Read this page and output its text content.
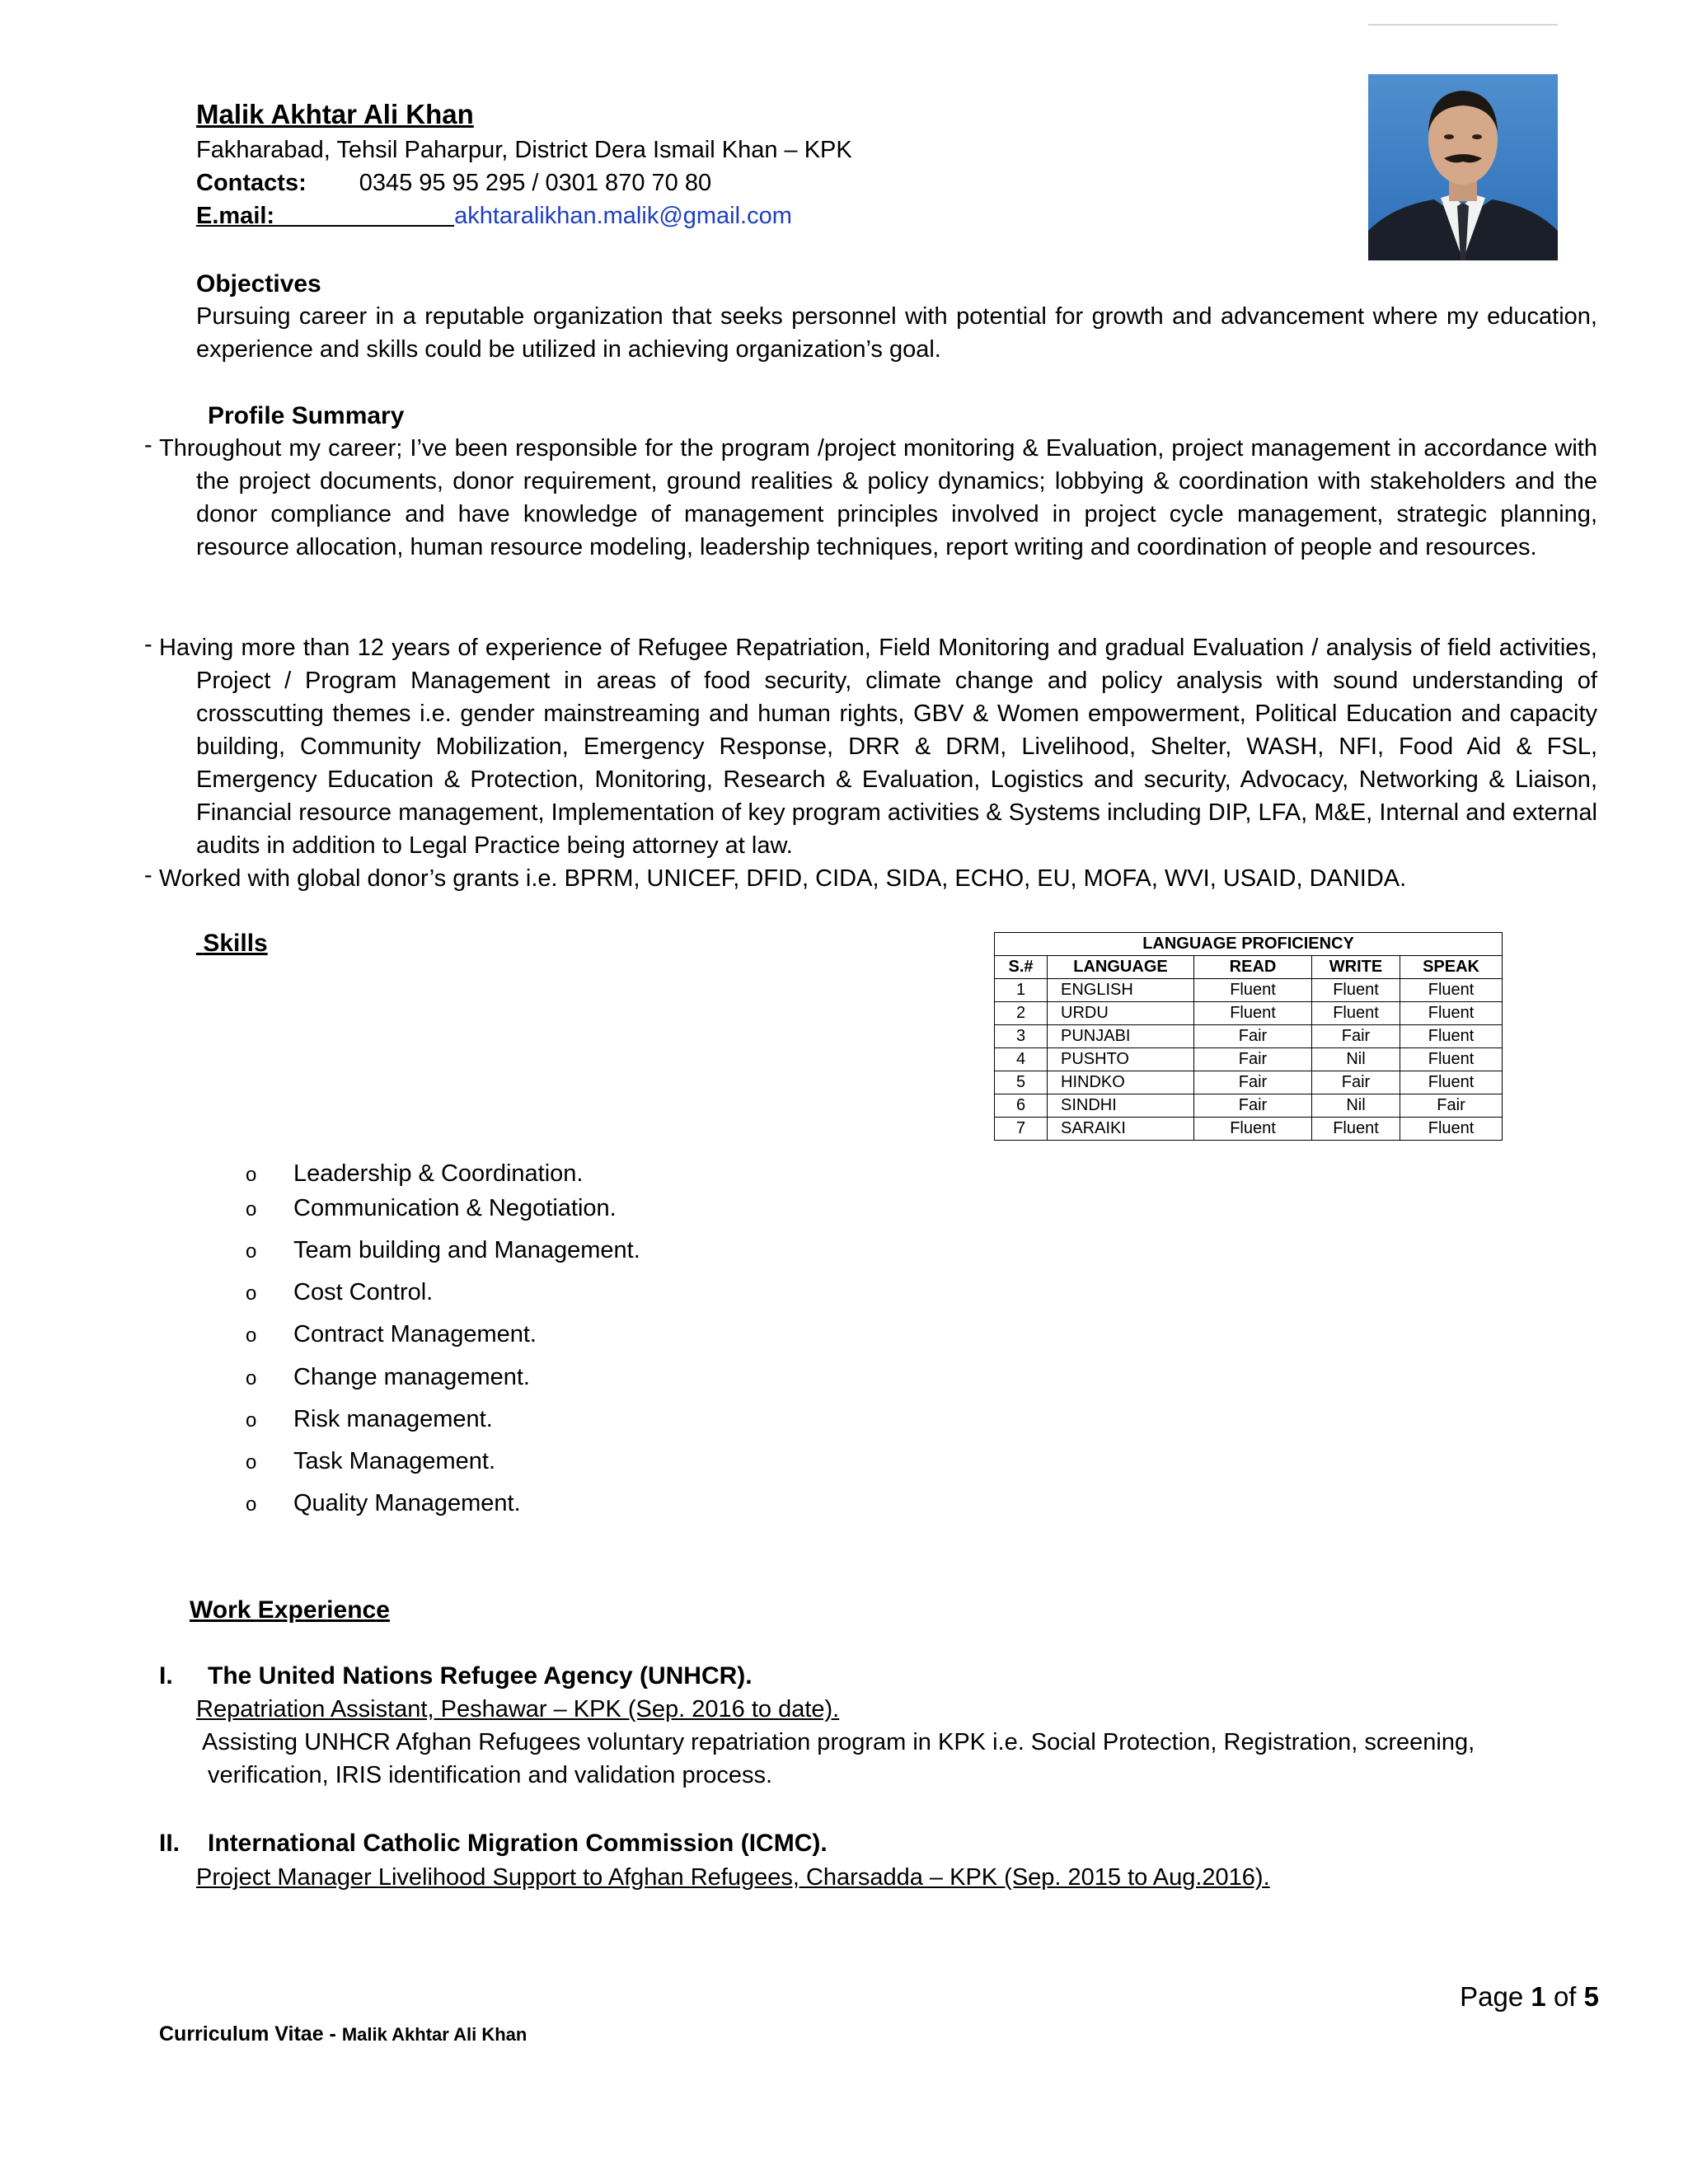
Malik Akhtar Ali Khan
Fakharabad, Tehsil Paharpur, District Dera Ismail Khan – KPK
Contacts: 0345 95 95 295 / 0301 870 70 80
E.mail:	akhtaralikhan.malik@gmail.com
Objectives
Pursuing career in a reputable organization that seeks personnel with potential for growth and advancement where my education, experience and skills could be utilized in achieving organization’s goal.
Profile Summary
- Throughout my career; I’ve been responsible for the program /project monitoring & Evaluation, project management in accordance with the project documents, donor requirement, ground realities & policy dynamics; lobbying & coordination with stakeholders and the donor compliance and have knowledge of management principles involved in project cycle management, strategic planning, resource allocation, human resource modeling, leadership techniques, report writing and coordination of people and resources.
- Having more than 12 years of experience of Refugee Repatriation, Field Monitoring and gradual Evaluation / analysis of field activities, Project / Program Management in areas of food security, climate change and policy analysis with sound understanding of crosscutting themes i.e. gender mainstreaming and human rights, GBV & Women empowerment, Political Education and capacity building, Community Mobilization, Emergency Response, DRR & DRM, Livelihood, Shelter, WASH, NFI, Food Aid & FSL, Emergency Education & Protection, Monitoring, Research & Evaluation, Logistics and security, Advocacy, Networking & Liaison, Financial resource management, Implementation of key program activities & Systems including DIP, LFA, M&E, Internal and external audits in addition to Legal Practice being attorney at law.
- Worked with global donor’s grants i.e. BPRM, UNICEF, DFID, CIDA, SIDA, ECHO, EU, MOFA, WVI, USAID, DANIDA.
Skills	LANGUAGE PROFICIENCY				
S.#	LANGUAGE	READ	WRITE	SPEAK
1	ENGLISH	Fluent	Fluent	Fluent
2	URDU	Fluent	Fluent	Fluent
3	PUNJABI	Fair	Fair	Fluent
4	PUSHTO	Fair	Nil	Fluent
5	HINDKO	Fair	Fair	Fluent
6	SINDHI	Fair	Nil	Fair
7	SARAIKI	Fluent	Fluent	Fluent
o Leadership & Coordination.
o Communication & Negotiation.
o Team building and Management.
o Cost Control.
o Contract Management.
o Change management.
o Risk management.
o Task Management.
o Quality Management.
Work Experience
I. The United Nations Refugee Agency (UNHCR).
Repatriation Assistant, Peshawar – KPK (Sep. 2016 to date).
Assisting UNHCR Afghan Refugees voluntary repatriation program in KPK i.e. Social Protection, Registration, screening,
verification, IRIS identification and validation process.
II. International Catholic Migration Commission (ICMC).
Project Manager Livelihood Support to Afghan Refugees, Charsadda – KPK (Sep. 2015 to Aug.2016).
Page 1 of 5
Curriculum Vitae - Malik Akhtar Ali Khan
